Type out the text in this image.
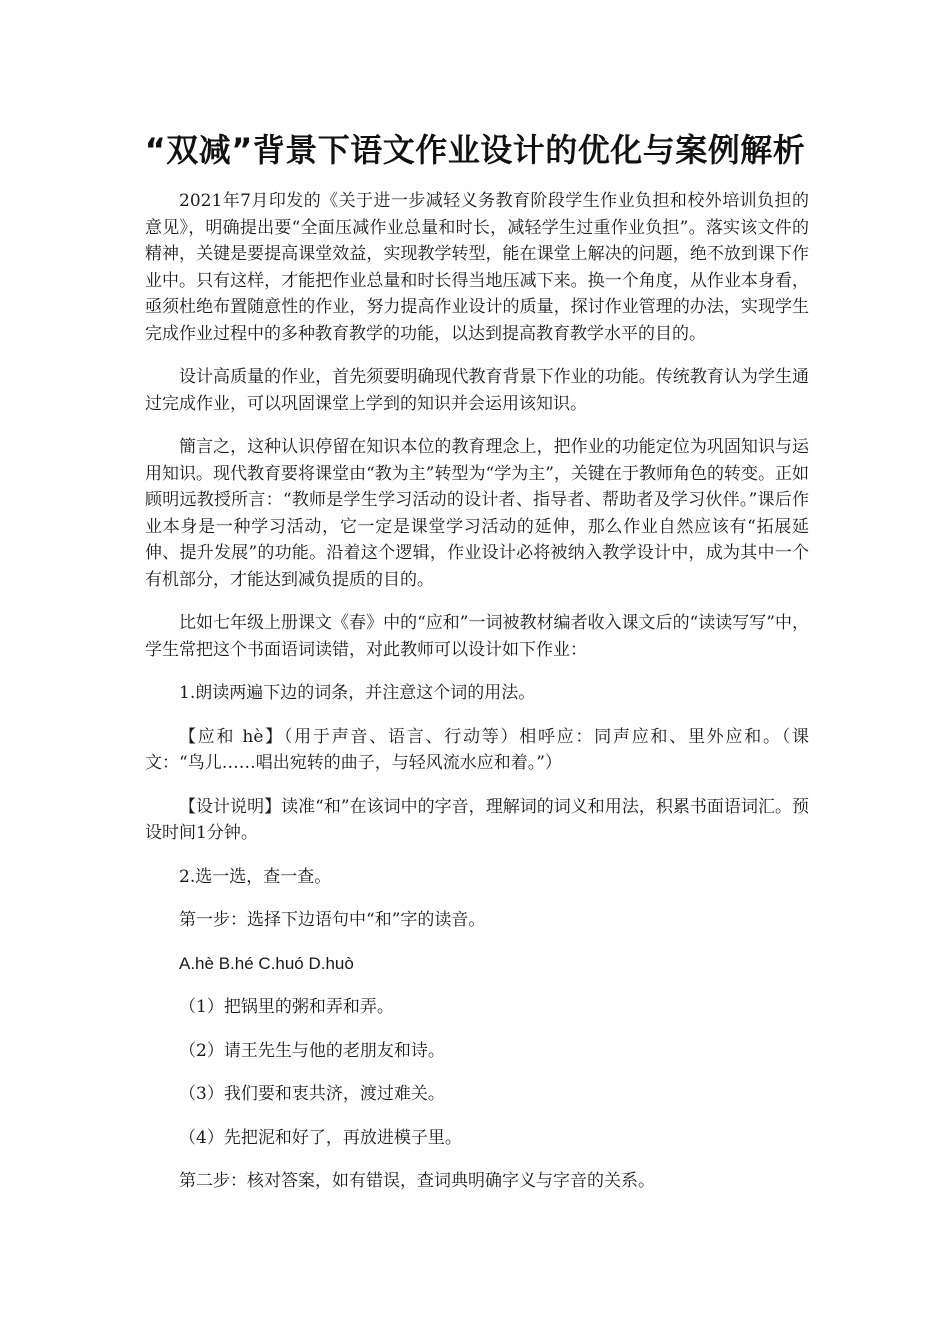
“双减”背景下语文作业设计的优化与案例解析

2021年7月印发的《关于进一步减轻义务教育阶段学生作业负担和校外培训负担的意见》，明确提出要“全面压减作业总量和时长，减轻学生过重作业负担”。落实该文件的精神，关键是要提高课堂效益，实现教学转型，能在课堂上解决的问题，绝不放到课下作业中。只有这样，才能把作业总量和时长得当地压减下来。换一个角度，从作业本身看，亟须杜绝布置随意性的作业，努力提高作业设计的质量，探讨作业管理的办法，实现学生完成作业过程中的多种教育教学的功能，以达到提高教育教学水平的目的。

设计高质量的作业，首先须要明确现代教育背景下作业的功能。传统教育认为学生通过完成作业，可以巩固课堂上学到的知识并会运用该知识。

簡言之，这种认识停留在知识本位的教育理念上，把作业的功能定位为巩固知识与运用知识。现代教育要将课堂由“教为主”转型为“学为主”，关键在于教师角色的转变。正如顾明远教授所言：“教师是学生学习活动的设计者、指导者、帮助者及学习伙伴。”课后作业本身是一种学习活动，它一定是课堂学习活动的延伸，那么作业自然应该有“拓展延伸、提升发展”的功能。沿着这个逻辑，作业设计必将被纳入教学设计中，成为其中一个有机部分，才能达到减负提质的目的。

比如七年级上册课文《春》中的“应和”一词被教材编者收入课文后的“读读写写”中，学生常把这个书面语词读错，对此教师可以设计如下作业：

1.朗读两遍下边的词条，并注意这个词的用法。

【应和 hè】（用于声音、语言、行动等）相呼应：同声应和、里外应和。（课文：“鸟儿……唱出宛转的曲子，与轻风流水应和着。”）

【设计说明】读准“和”在该词中的字音，理解词的词义和用法，积累书面语词汇。预设时间1分钟。

2.选一选，查一查。

第一步：选择下边语句中“和”字的读音。

A.hè B.hé C.huó D.huò

（1）把锅里的粥和弄和弄。

（2）请王先生与他的老朋友和诗。

（3）我们要和衷共济，渡过难关。

（4）先把泥和好了，再放进模子里。

第二步：核对答案，如有错误，查词典明确字义与字音的关系。
